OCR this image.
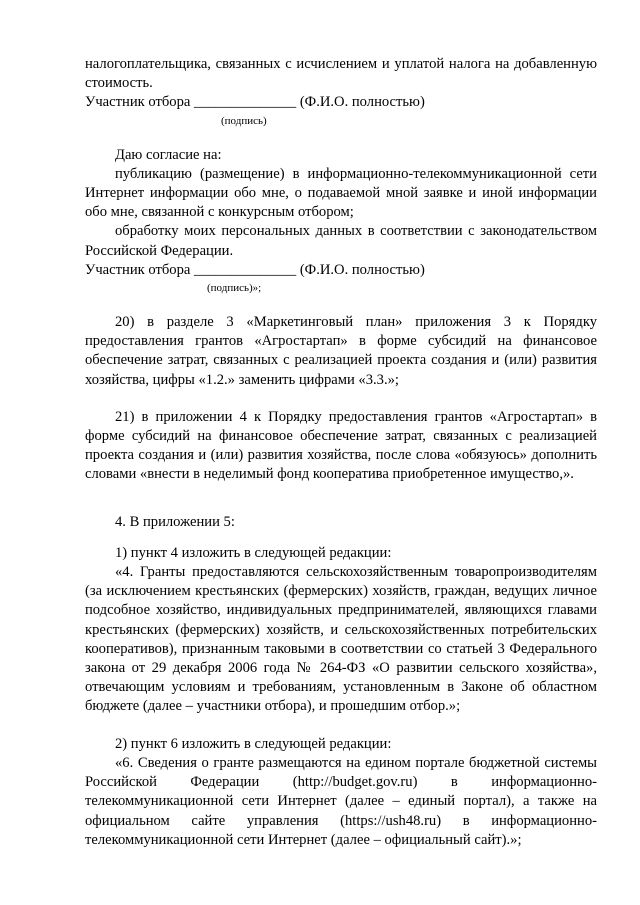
налогоплательщика, связанных с исчислением и уплатой налога на добавленную стоимость.

Участник отбора ______________ (Ф.И.О. полностью)

(подпись)

Даю согласие на:

публикацию (размещение) в информационно-телекоммуникационной сети Интернет информации обо мне, о подаваемой мной заявке и иной информации обо мне, связанной с конкурсным отбором;

обработку моих персональных данных в соответствии с законодательством Российской Федерации.

Участник отбора ______________ (Ф.И.О. полностью)

(подпись)»;

20) в разделе 3 «Маркетинговый план» приложения 3 к Порядку предоставления грантов «Агростартап» в форме субсидий на финансовое обеспечение затрат, связанных с реализацией проекта создания и (или) развития хозяйства, цифры «1.2.» заменить цифрами «3.3.»;

21) в приложении 4 к Порядку предоставления грантов «Агростартап» в форме субсидий на финансовое обеспечение затрат, связанных с реализацией проекта создания и (или) развития хозяйства, после слова «обязуюсь» дополнить словами «внести в неделимый фонд кооператива приобретенное имущество,».

4. В приложении 5:

1) пункт 4 изложить в следующей редакции:

«4. Гранты предоставляются сельскохозяйственным товаропроизводителям (за исключением крестьянских (фермерских) хозяйств, граждан, ведущих личное подсобное хозяйство, индивидуальных предпринимателей, являющихся главами крестьянских (фермерских) хозяйств, и сельскохозяйственных потребительских кооперативов), признанным таковыми в соответствии со статьей 3 Федерального закона от 29 декабря 2006 года № 264-ФЗ «О развитии сельского хозяйства», отвечающим условиям и требованиям, установленным в Законе об областном бюджете (далее – участники отбора), и прошедшим отбор.»;

2) пункт 6 изложить в следующей редакции:

«6. Сведения о гранте размещаются на едином портале бюджетной системы Российской Федерации (http://budget.gov.ru) в информационно-телекоммуникационной сети Интернет (далее – единый портал), а также на официальном сайте управления (https://ush48.ru) в информационно-телекоммуникационной сети Интернет (далее – официальный сайт).»;
